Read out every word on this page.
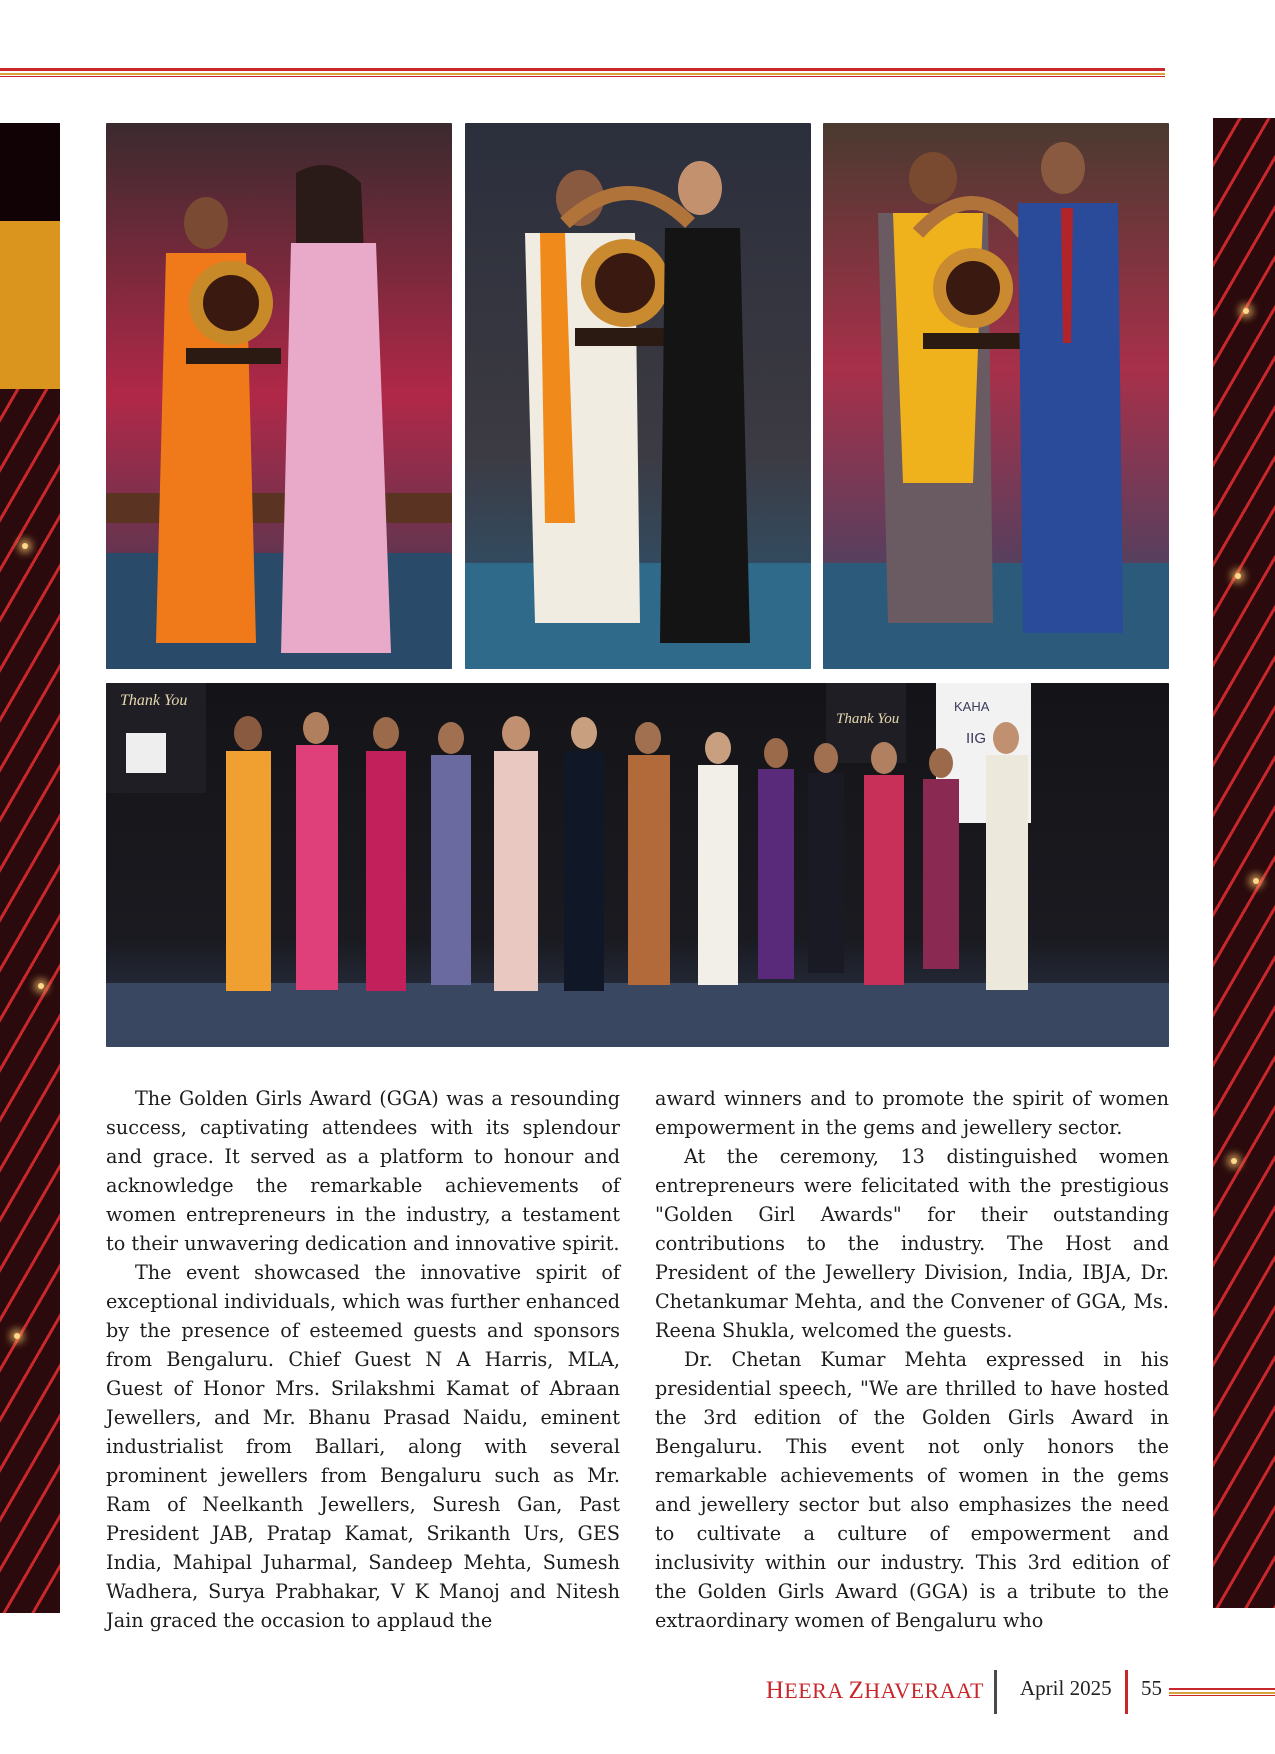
Thank You
Thank You
KAHA
IIG

The Golden Girls Award (GGA) was a resounding success, captivating attendees with its splendour and grace. It served as a platform to honour and acknowledge the remarkable achievements of women entrepreneurs in the industry, a testament to their unwavering dedication and innovative spirit.

The event showcased the innovative spirit of exceptional individuals, which was further enhanced by the presence of esteemed guests and sponsors from Bengaluru. Chief Guest N A Harris, MLA, Guest of Honor Mrs. Srilakshmi Kamat of Abraan Jewellers, and Mr. Bhanu Prasad Naidu, eminent industrialist from Ballari, along with several prominent jewellers from Bengaluru such as Mr. Ram of Neelkanth Jewellers, Suresh Gan, Past President JAB, Pratap Kamat, Srikanth Urs, GES India, Mahipal Juharmal, Sandeep Mehta, Sumesh Wadhera, Surya Prabhakar, V K Manoj and Nitesh Jain graced the occasion to applaud the

award winners and to promote the spirit of women empowerment in the gems and jewellery sector.

At the ceremony, 13 distinguished women entrepreneurs were felicitated with the prestigious "Golden Girl Awards" for their outstanding contributions to the industry. The Host and President of the Jewellery Division, India, IBJA, Dr. Chetankumar Mehta, and the Convener of GGA, Ms. Reena Shukla, welcomed the guests.

Dr. Chetan Kumar Mehta expressed in his presidential speech, "We are thrilled to have hosted the 3rd edition of the Golden Girls Award in Bengaluru. This event not only honors the remarkable achievements of women in the gems and jewellery sector but also emphasizes the need to cultivate a culture of empowerment and inclusivity within our industry. This 3rd edition of the Golden Girls Award (GGA) is a tribute to the extraordinary women of Bengaluru who

HEERA ZHAVERAAT April 2025 55
